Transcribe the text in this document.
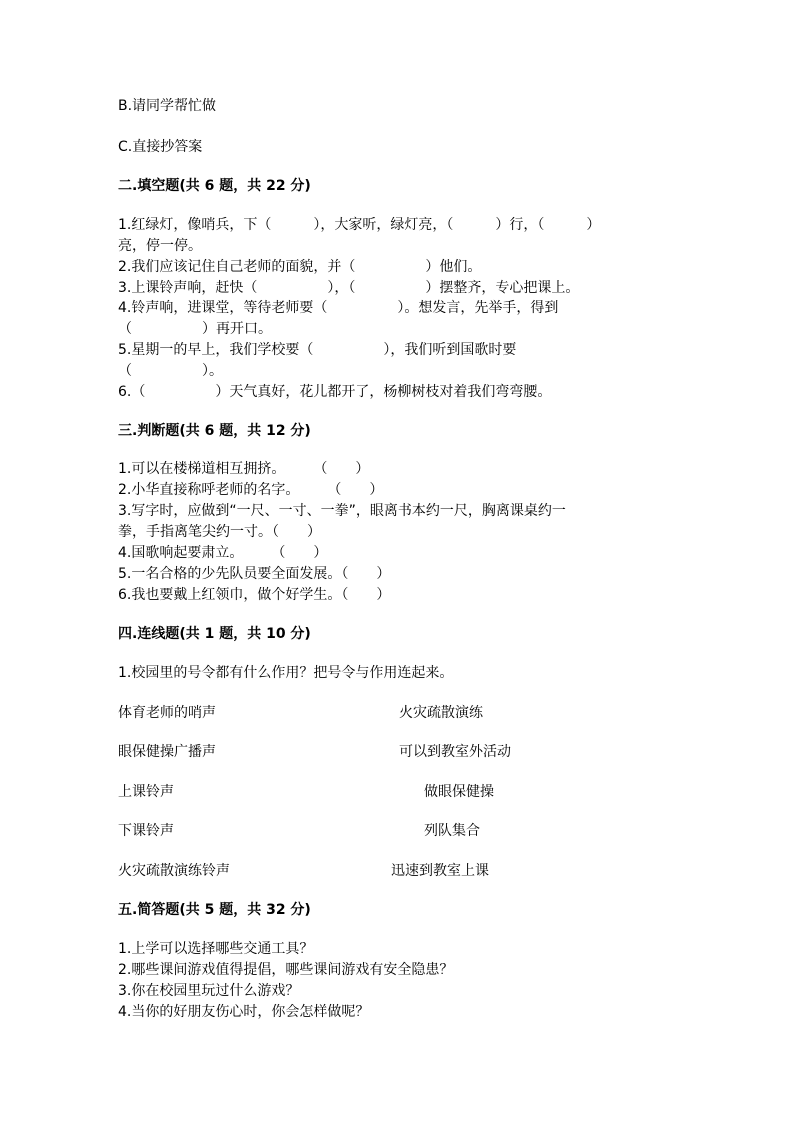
B.请同学帮忙做
C.直接抄答案
二.填空题(共 6 题，共 22 分)
1.红绿灯，像哨兵，下（　　　），大家听，绿灯亮，（　　　）行，（　　　）
亮，停一停。
2.我们应该记住自己老师的面貌，并（　　　　　）他们。
3.上课铃声响，赶快（　　　　　），（　　　　　）摆整齐，专心把课上。
4.铃声响，进课堂，等待老师要（　　　　　）。想发言，先举手，得到
（　　　　　）再开口。
5.星期一的早上，我们学校要（　　　　　），我们听到国歌时要
（　　　　　）。
6.（　　　　　）天气真好，花儿都开了，杨柳树枝对着我们弯弯腰。
三.判断题(共 6 题，共 12 分)
1.可以在楼梯道相互拥挤。　　　（　　）
2.小华直接称呼老师的名字。　　　（　　）
3.写字时，应做到“一尺、一寸、一拳”，眼离书本约一尺，胸离课桌约一
拳，手指离笔尖约一寸。（　　）
4.国歌响起要肃立。　　　（　　）
5.一名合格的少先队员要全面发展。（　　）
6.我也要戴上红领巾，做个好学生。（　　）
四.连线题(共 1 题，共 10 分)
1.校园里的号令都有什么作用？把号令与作用连起来。
体育老师的哨声	火灾疏散演练
眼保健操广播声	可以到教室外活动
上课铃声	做眼保健操
下课铃声	列队集合
火灾疏散演练铃声	迅速到教室上课
五.简答题(共 5 题，共 32 分)
1.上学可以选择哪些交通工具？
2.哪些课间游戏值得提倡，哪些课间游戏有安全隐患？
3.你在校园里玩过什么游戏？
4.当你的好朋友伤心时，你会怎样做呢？
